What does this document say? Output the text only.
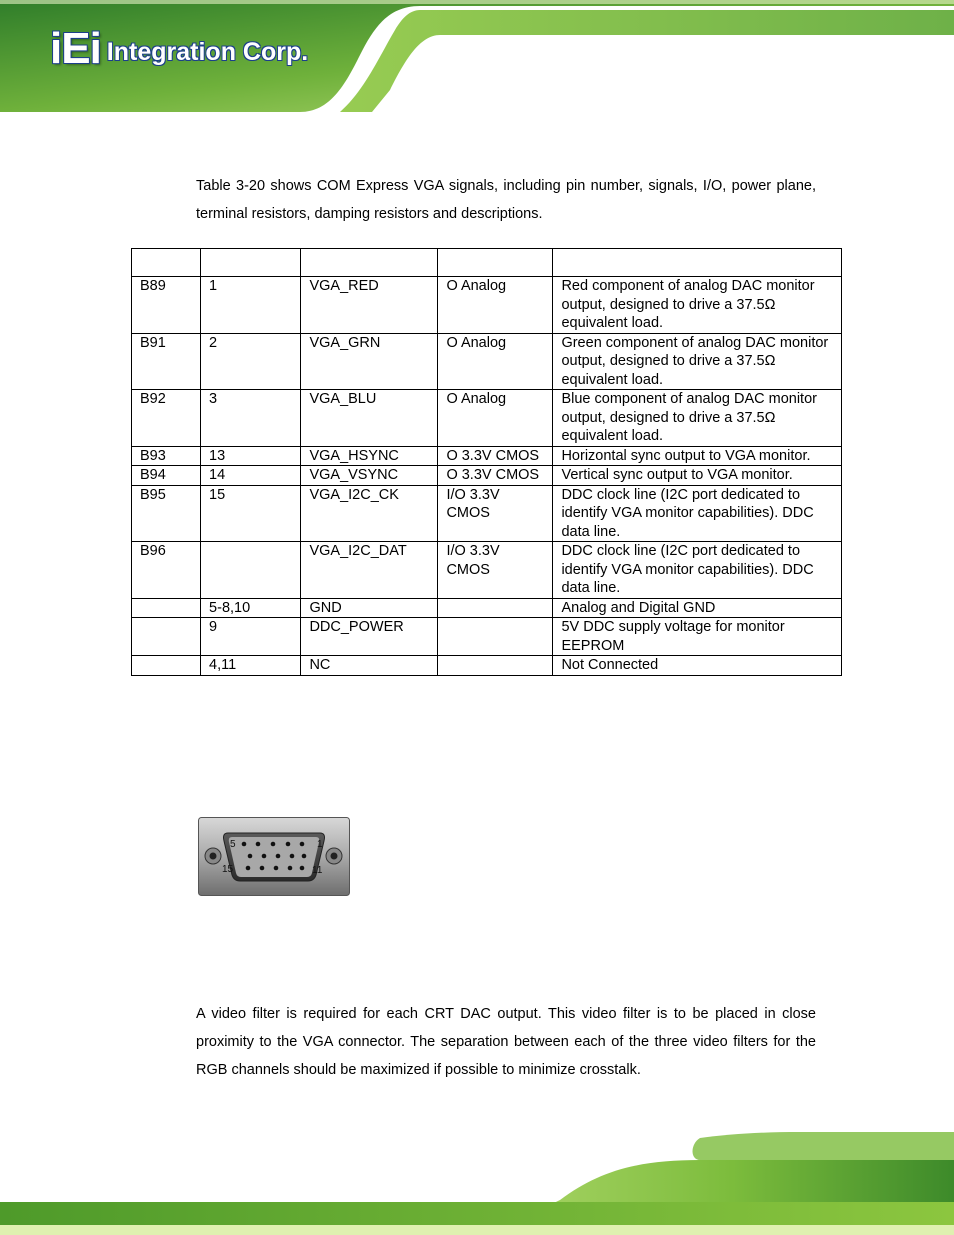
iEi Integration Corp.

Table 3-20 shows COM Express VGA signals, including pin number, signals, I/O, power plane, terminal resistors, damping resistors and descriptions.

B89	1	VGA_RED	O Analog	Red component of analog DAC monitor output, designed to drive a 37.5Ω equivalent load.
B91	2	VGA_GRN	O Analog	Green component of analog DAC monitor output, designed to drive a 37.5Ω equivalent load.
B92	3	VGA_BLU	O Analog	Blue component of analog DAC monitor output, designed to drive a 37.5Ω equivalent load.
B93	13	VGA_HSYNC	O 3.3V CMOS	Horizontal sync output to VGA monitor.
B94	14	VGA_VSYNC	O 3.3V CMOS	Vertical sync output to VGA monitor.
B95	15	VGA_I2C_CK	I/O 3.3V CMOS	DDC clock line (I2C port dedicated to identify VGA monitor capabilities). DDC data line.
B96		VGA_I2C_DAT	I/O 3.3V CMOS	DDC clock line (I2C port dedicated to identify VGA monitor capabilities). DDC data line.
	5-8,10	GND		Analog and Digital GND
	9	DDC_POWER		5V DDC supply voltage for monitor EEPROM
	4,11	NC		Not Connected
5	1
15	11

A video filter is required for each CRT DAC output. This video filter is to be placed in close proximity to the VGA connector. The separation between each of the three video filters for the RGB channels should be maximized if possible to minimize crosstalk.
